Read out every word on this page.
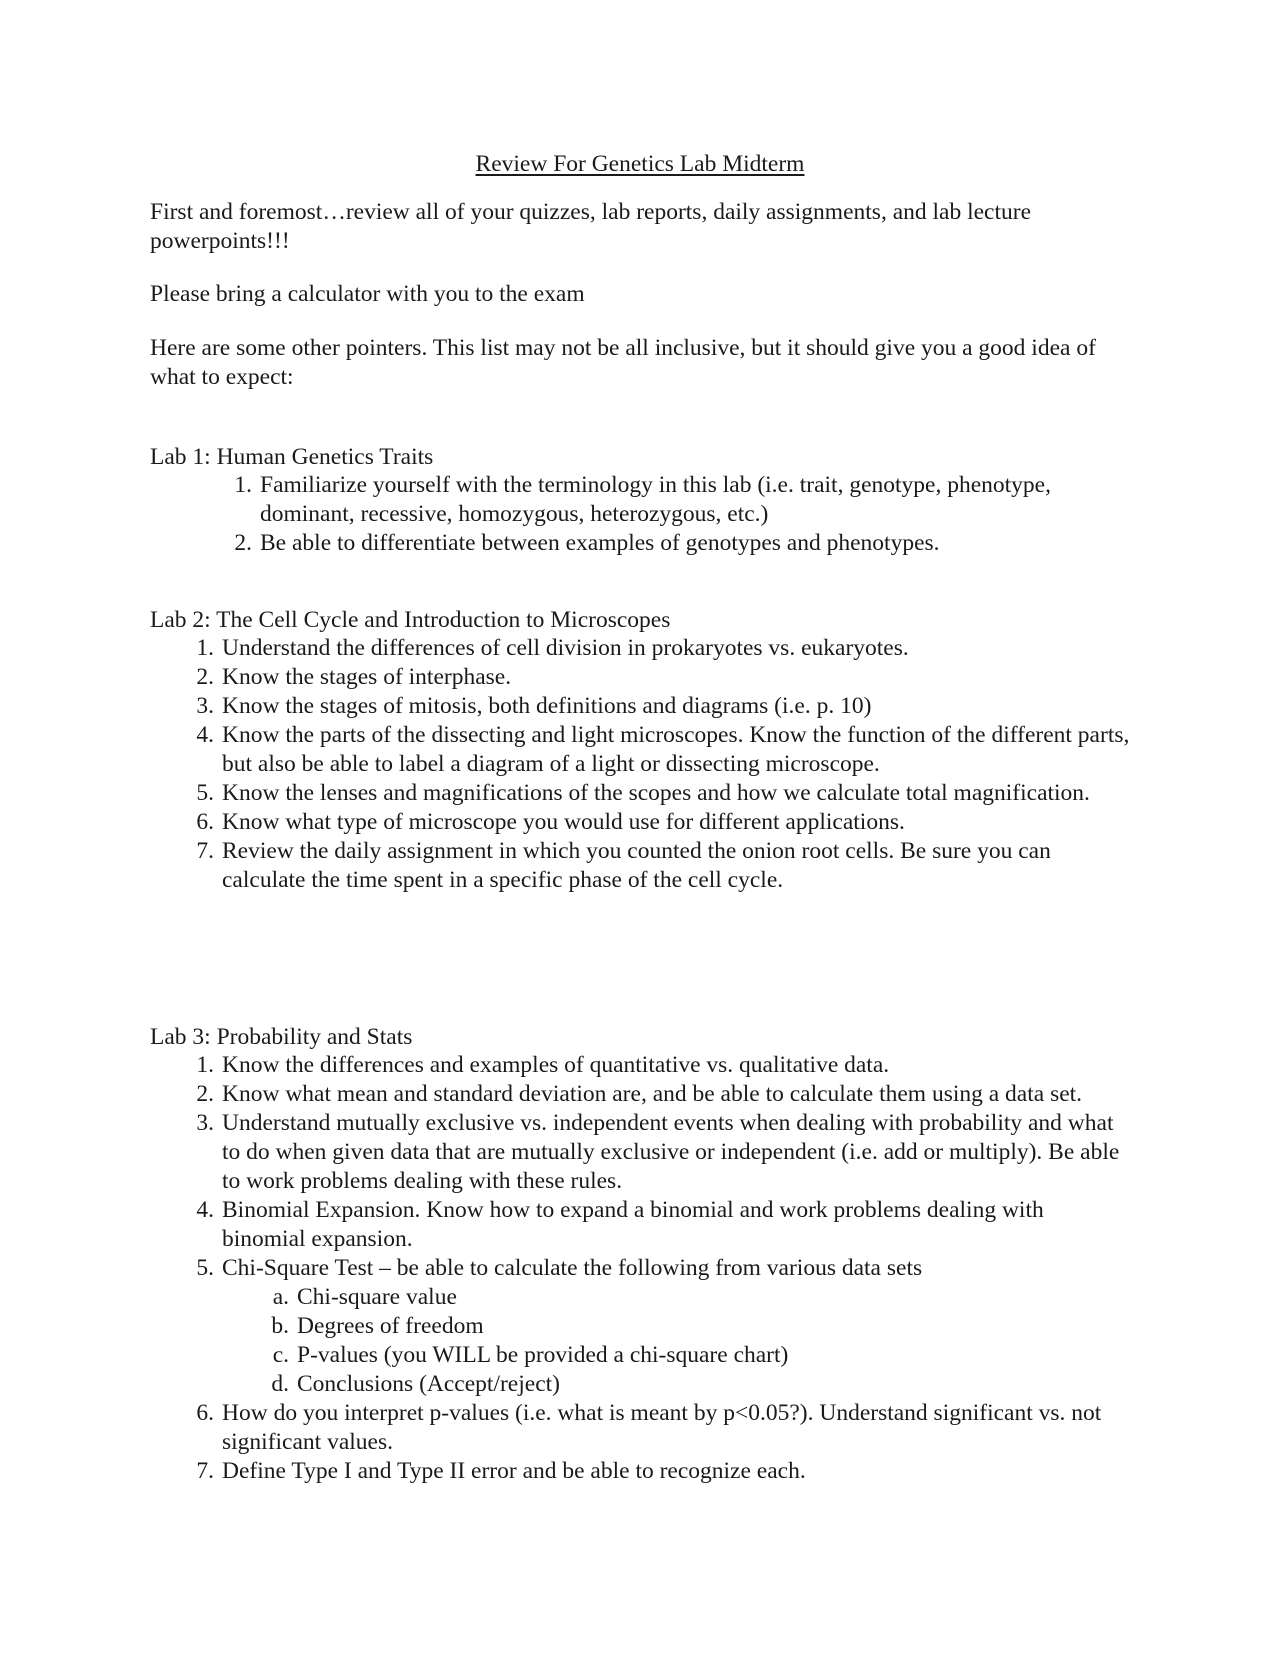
Review For Genetics Lab Midterm

First and foremost…review all of your quizzes, lab reports, daily assignments, and lab lecture powerpoints!!!

Please bring a calculator with you to the exam

Here are some other pointers. This list may not be all inclusive, but it should give you a good idea of what to expect:

Lab 1: Human Genetics Traits
1. Familiarize yourself with the terminology in this lab (i.e. trait, genotype, phenotype, dominant, recessive, homozygous, heterozygous, etc.)
2. Be able to differentiate between examples of genotypes and phenotypes.
Lab 2: The Cell Cycle and Introduction to Microscopes
1. Understand the differences of cell division in prokaryotes vs. eukaryotes.
2. Know the stages of interphase.
3. Know the stages of mitosis, both definitions and diagrams (i.e. p. 10)
4. Know the parts of the dissecting and light microscopes. Know the function of the different parts, but also be able to label a diagram of a light or dissecting microscope.
5. Know the lenses and magnifications of the scopes and how we calculate total magnification.
6. Know what type of microscope you would use for different applications.
7. Review the daily assignment in which you counted the onion root cells. Be sure you can calculate the time spent in a specific phase of the cell cycle.
Lab 3: Probability and Stats
1. Know the differences and examples of quantitative vs. qualitative data.
2. Know what mean and standard deviation are, and be able to calculate them using a data set.
3. Understand mutually exclusive vs. independent events when dealing with probability and what to do when given data that are mutually exclusive or independent (i.e. add or multiply). Be able to work problems dealing with these rules.
4. Binomial Expansion. Know how to expand a binomial and work problems dealing with binomial expansion.
5. Chi-Square Test – be able to calculate the following from various data sets
a. Chi-square value
b. Degrees of freedom
c. P-values (you WILL be provided a chi-square chart)
d. Conclusions (Accept/reject)
6. How do you interpret p-values (i.e. what is meant by p<0.05?). Understand significant vs. not significant values.
7. Define Type I and Type II error and be able to recognize each.
